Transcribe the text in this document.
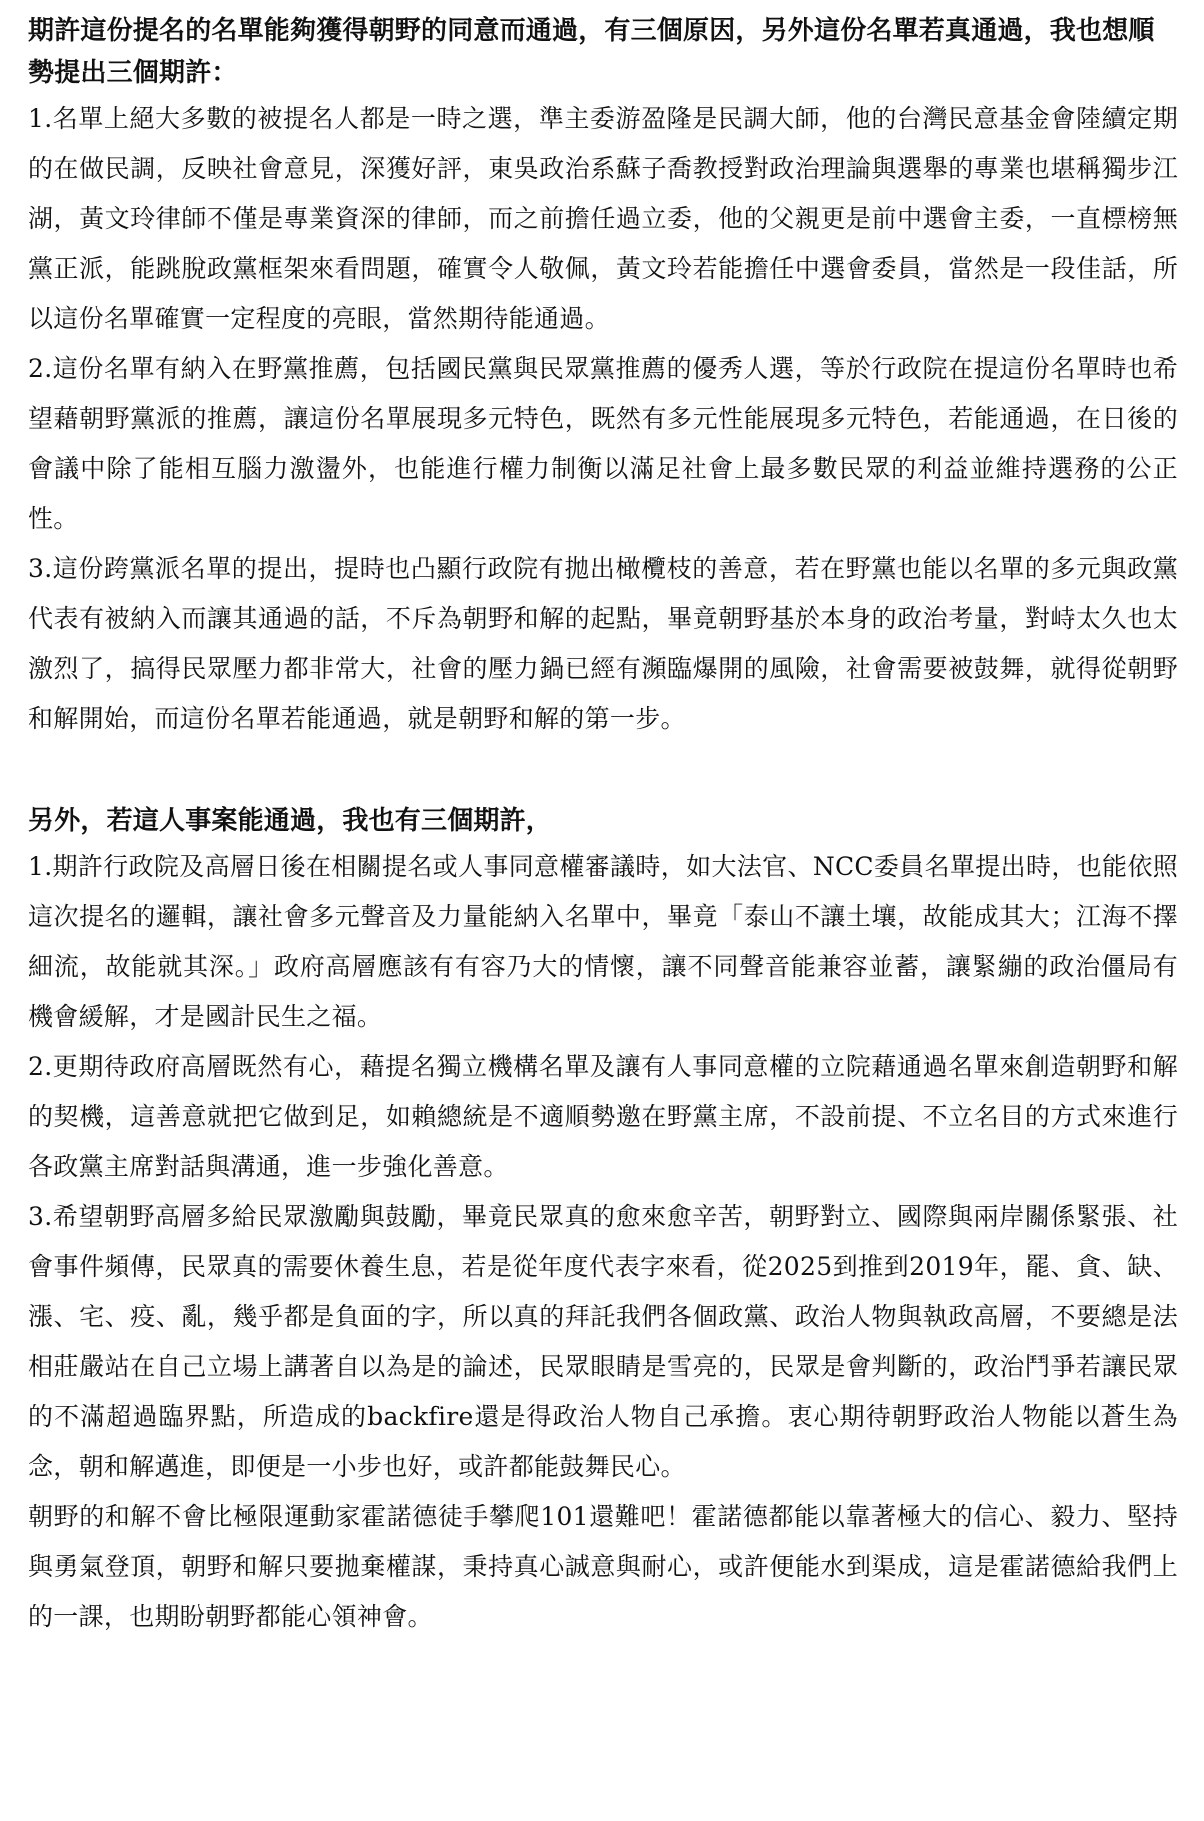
期許這份提名的名單能夠獲得朝野的同意而通過，有三個原因，另外這份名單若真通過，我也想順勢提出三個期許：

1.名單上絕大多數的被提名人都是一時之選，準主委游盈隆是民調大師，他的台灣民意基金會陸續定期的在做民調，反映社會意見，深獲好評，東吳政治系蘇子喬教授對政治理論與選舉的專業也堪稱獨步江湖，黃文玲律師不僅是專業資深的律師，而之前擔任過立委，他的父親更是前中選會主委，一直標榜無黨正派，能跳脫政黨框架來看問題，確實令人敬佩，黃文玲若能擔任中選會委員，當然是一段佳話，所以這份名單確實一定程度的亮眼，當然期待能通過。

2.這份名單有納入在野黨推薦，包括國民黨與民眾黨推薦的優秀人選，等於行政院在提這份名單時也希望藉朝野黨派的推薦，讓這份名單展現多元特色，既然有多元性能展現多元特色，若能通過，在日後的會議中除了能相互腦力激盪外，也能進行權力制衡以滿足社會上最多數民眾的利益並維持選務的公正性。

3.這份跨黨派名單的提出，提時也凸顯行政院有拋出橄欖枝的善意，若在野黨也能以名單的多元與政黨代表有被納入而讓其通過的話，不斥為朝野和解的起點，畢竟朝野基於本身的政治考量，對峙太久也太激烈了，搞得民眾壓力都非常大，社會的壓力鍋已經有瀕臨爆開的風險，社會需要被鼓舞，就得從朝野和解開始，而這份名單若能通過，就是朝野和解的第一步。

另外，若這人事案能通過，我也有三個期許，

1.期許行政院及高層日後在相關提名或人事同意權審議時，如大法官、NCC委員名單提出時，也能依照這次提名的邏輯，讓社會多元聲音及力量能納入名單中，畢竟「泰山不讓土壤，故能成其大；江海不擇細流，故能就其深。」政府高層應該有有容乃大的情懷，讓不同聲音能兼容並蓄，讓緊繃的政治僵局有機會緩解，才是國計民生之福。

2.更期待政府高層既然有心，藉提名獨立機構名單及讓有人事同意權的立院藉通過名單來創造朝野和解的契機，這善意就把它做到足，如賴總統是不適順勢邀在野黨主席，不設前提、不立名目的方式來進行各政黨主席對話與溝通，進一步強化善意。

3.希望朝野高層多給民眾激勵與鼓勵，畢竟民眾真的愈來愈辛苦，朝野對立、國際與兩岸關係緊張、社會事件頻傳，民眾真的需要休養生息，若是從年度代表字來看，從2025到推到2019年，罷、貪、缺、漲、宅、疫、亂，幾乎都是負面的字，所以真的拜託我們各個政黨、政治人物與執政高層，不要總是法相莊嚴站在自己立場上講著自以為是的論述，民眾眼睛是雪亮的，民眾是會判斷的，政治鬥爭若讓民眾的不滿超過臨界點，所造成的backfire還是得政治人物自己承擔。衷心期待朝野政治人物能以蒼生為念，朝和解邁進，即便是一小步也好，或許都能鼓舞民心。

朝野的和解不會比極限運動家霍諾德徒手攀爬101還難吧！霍諾德都能以靠著極大的信心、毅力、堅持與勇氣登頂，朝野和解只要拋棄權謀，秉持真心誠意與耐心，或許便能水到渠成，這是霍諾德給我們上的一課，也期盼朝野都能心領神會。
